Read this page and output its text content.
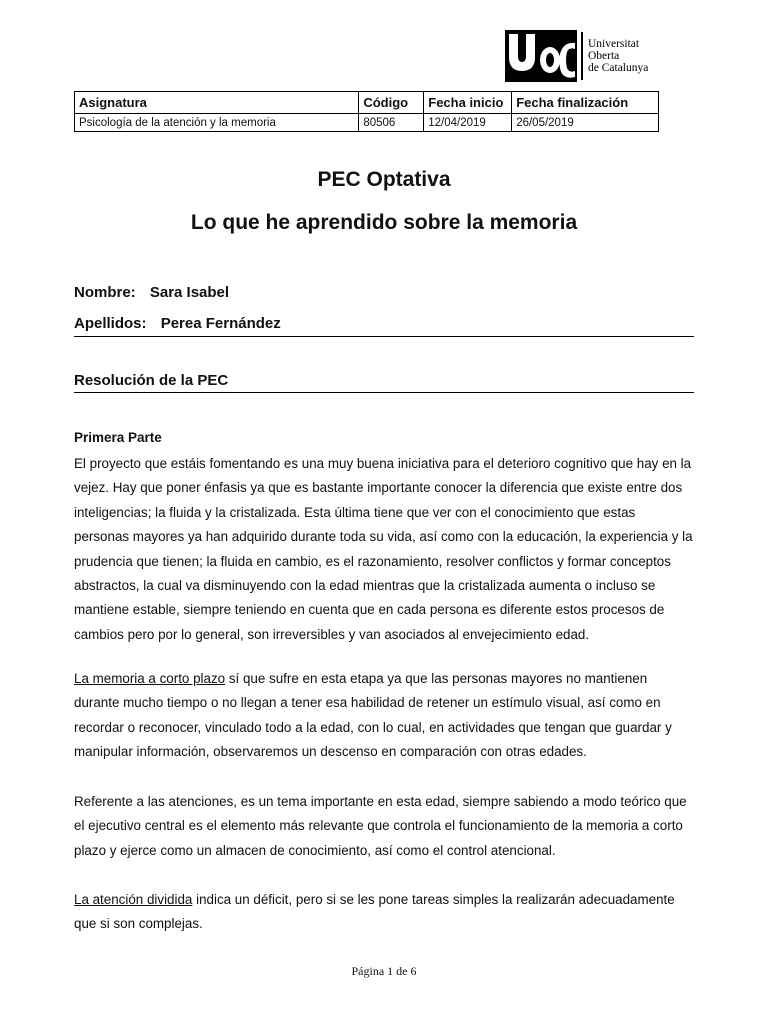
Universitat
Oberta
de Catalunya
Asignatura	Código	Fecha inicio	Fecha finalización
Psicología de la atención y la memoria	80506	12/04/2019	26/05/2019
PEC Optativa
Lo que he aprendido sobre la memoria
Nombre: Sara Isabel
Apellidos: Perea Fernández
Resolución de la PEC
Primera Parte

El proyecto que estáis fomentando es una muy buena iniciativa para el deterioro cognitivo que hay en la vejez. Hay que poner énfasis ya que es bastante importante conocer la diferencia que existe entre dos inteligencias; la fluida y la cristalizada. Esta última tiene que ver con el conocimiento que estas personas mayores ya han adquirido durante toda su vida, así como con la educación, la experiencia y la prudencia que tienen; la fluida en cambio, es el razonamiento, resolver conflictos y formar conceptos abstractos, la cual va disminuyendo con la edad mientras que la cristalizada aumenta o incluso se mantiene estable, siempre teniendo en cuenta que en cada persona es diferente estos procesos de cambios pero por lo general, son irreversibles y van asociados al envejecimiento edad.

La memoria a corto plazo sí que sufre en esta etapa ya que las personas mayores no mantienen durante mucho tiempo o no llegan a tener esa habilidad de retener un estímulo visual, así como en recordar o reconocer, vinculado todo a la edad, con lo cual, en actividades que tengan que guardar y manipular información, observaremos un descenso en comparación con otras edades.

Referente a las atenciones, es un tema importante en esta edad, siempre sabiendo a modo teórico que el ejecutivo central es el elemento más relevante que controla el funcionamiento de la memoria a corto plazo y ejerce como un almacen de conocimiento, así como el control atencional.

La atención dividida indica un déficit, pero si se les pone tareas simples la realizarán adecuadamente que si son complejas.

Página 1 de 6
